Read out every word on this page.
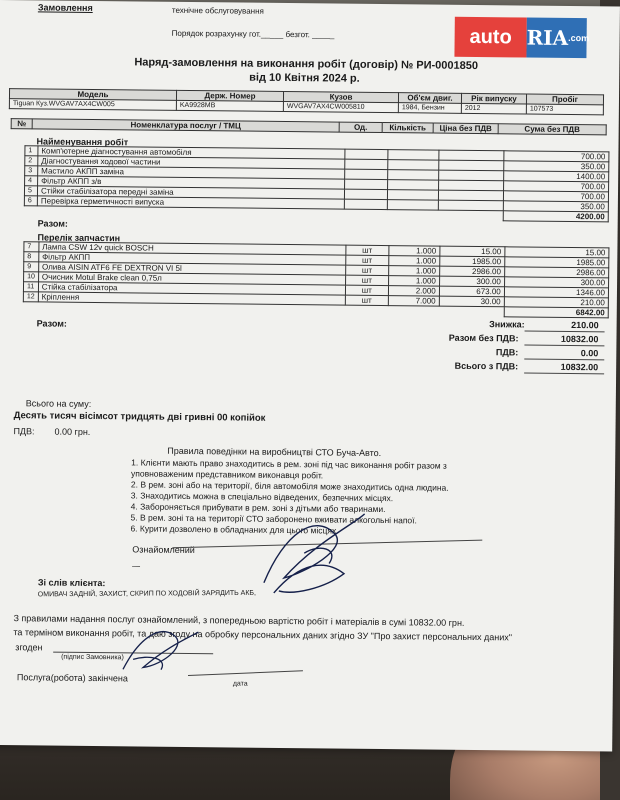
Замовлення	технічне обслуговування
Порядок розрахунку гот._____ безгот. _____	auto $RIA^{.com}$
Наряд-замовлення на виконання робіт (договір) № РИ-0001850
від 10 Квітня 2024 р.
Модель	Держ. Номер	Кузов	Об'єм двиг.	Рік випуску	Пробіг
Tiguan Куз.WVGAV7AX4CW005	KA9928MB	WVGAV7AX4CW005810	1984, Бензин	2012	107573
№	Номенклатура послуг / ТМЦ	Од.	Кількість	Ціна без ПДВ	Сума без ПДВ
Найменування робіт
1	Комп'ютерне діагностування автомобіля				700.00
2	Діагностування ходової частини				350.00
3	Мастило АКПП заміна				1400.00
4	Фільтр АКПП з/в				700.00
5	Стійки стабілізатора передні заміна				700.00
6	Перевірка герметичності випуска				350.00
					4200.00
Разом:
Перелік запчастин
7	Лампа CSW 12v quick BOSCH	шт	1.000	15.00	15.00
8	Фільтр АКПП	шт	1.000	1985.00	1985.00
9	Олива AISIN ATF6 FE DEXTRON VI 5l	шт	1.000	2986.00	2986.00
10	Очисник Motul Brake clean 0,75л	шт	1.000	300.00	300.00
11	Стійка стабілізатора	шт	2.000	673.00	1346.00
12	Кріплення	шт	7.000	30.00	210.00
					6842.00
Разом:	Знижка:	210.00
Разом без ПДВ:	10832.00
ПДВ:	0.00
Всього з ПДВ:	10832.00
Всього на суму:
Десять тисяч вісімсот тридцять дві гривні 00 копійок
ПДВ:        0.00 грн.
Правила поведінки на виробництві СТО Буча-Авто.
1. Клієнти мають право знаходитись в рем. зоні під час виконання робіт разом з
уповноваженим представником виконавця робіт.
2. В рем. зоні або на території, біля автомобіля може знаходитись одна людина.
3. Знаходитись можна в спеціально відведених, безпечних місцях.
4. Забороняється прибувати в рем. зоні з дітьми або тваринами.
5. В рем. зоні та на території СТО заборонено вживати алкогольні напої.
6. Курити дозволено в обладнаних для цього місцях.
Ознайомлений
—
Зі слів клієнта:
ОМИВАЧ ЗАДНІЙ, ЗАХИСТ, СКРИП ПО ХОДОВІЙ ЗАРЯДИТЬ АКБ,
З правилами надання послуг ознайомлений, з попередньою вартістю робіт і матеріалів в сумі 10832.00 грн.
та терміном виконання робіт, та даю згоду на обробку персональних даних згідно ЗУ "Про захист персональних даних"
згоден
(підпис Замовника)
Послуга(робота) закінчена
дата
